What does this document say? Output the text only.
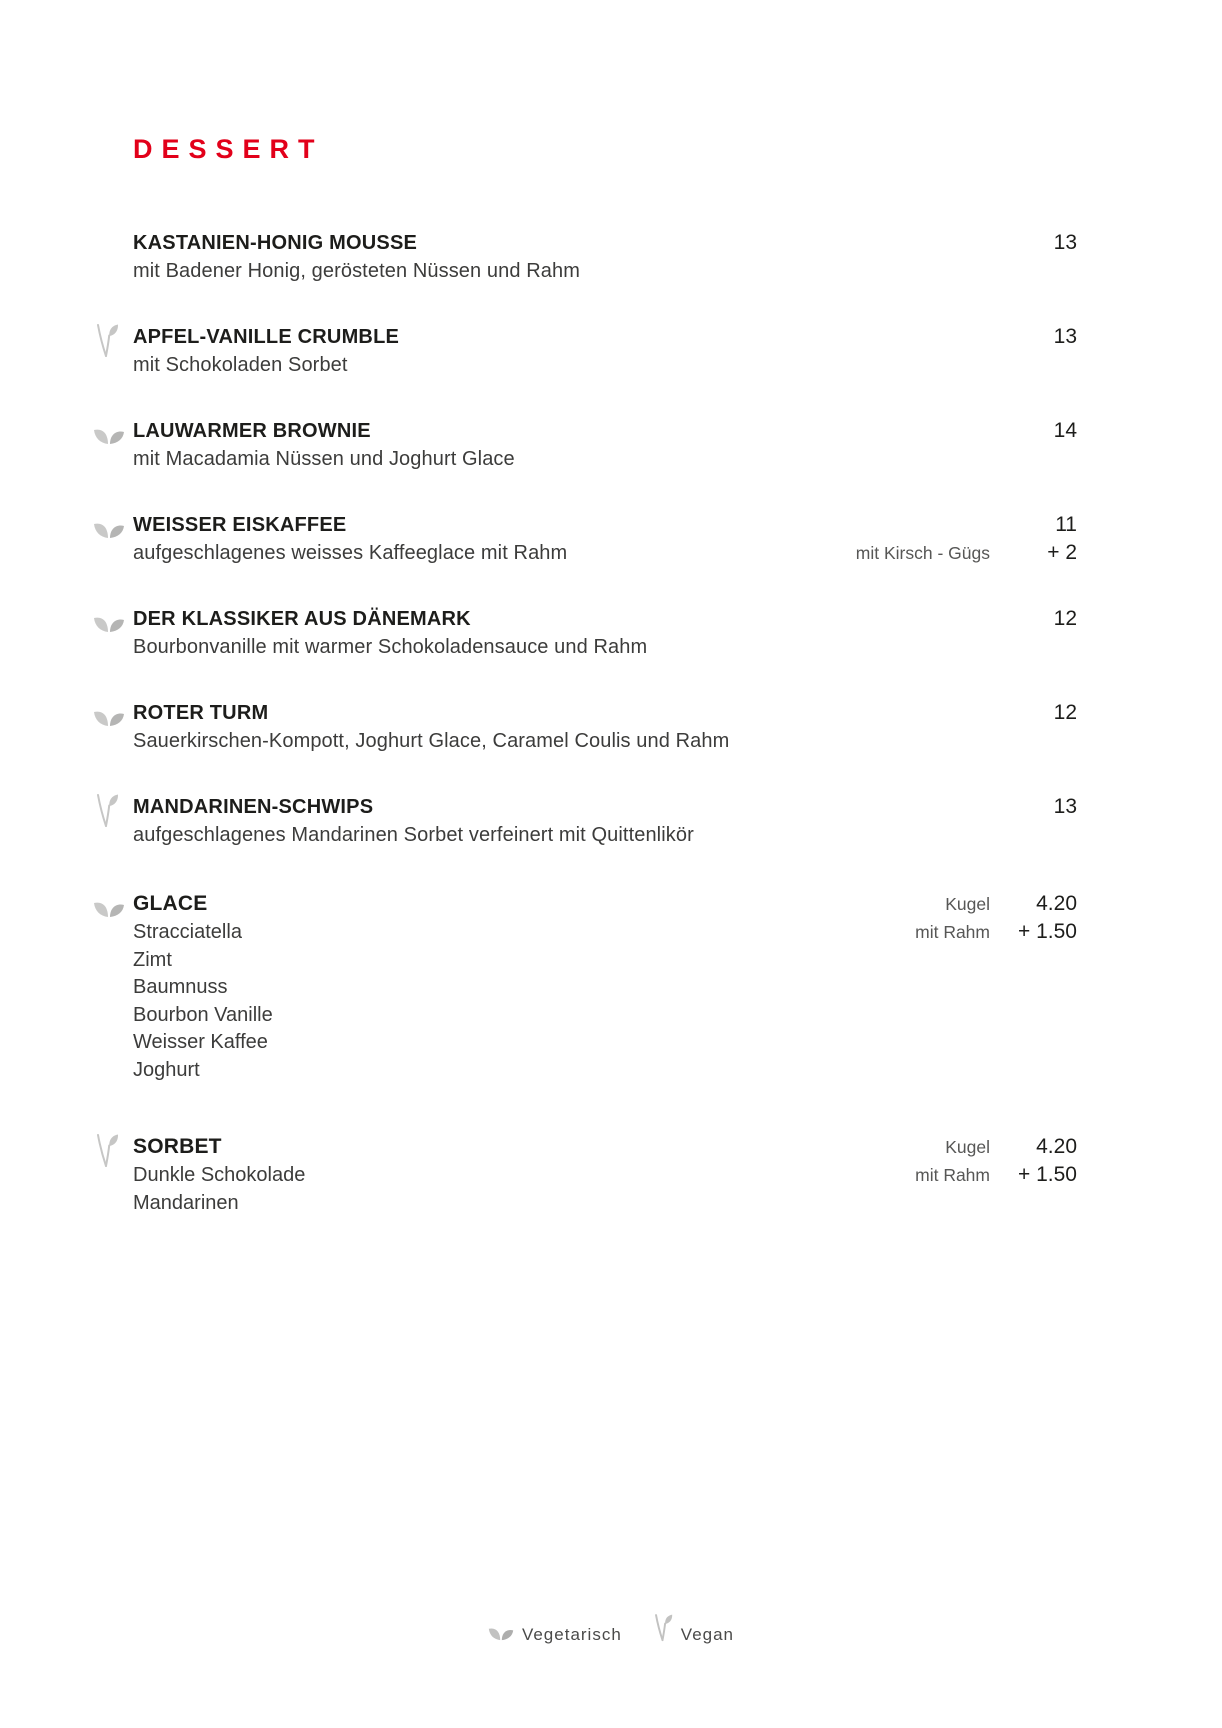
DESSERT
KASTANIEN-HONIG MOUSSE	13
mit Badener Honig, gerösteten Nüssen und Rahm
APFEL-VANILLE CRUMBLE	13
mit Schokoladen Sorbet
LAUWARMER BROWNIE	14
mit Macadamia Nüssen und Joghurt Glace
WEISSER EISKAFFEE	11
aufgeschlagenes weisses Kaffeeglace mit Rahm	mit Kirsch - Gügs	+ 2
DER KLASSIKER AUS DÄNEMARK	12
Bourbonvanille mit warmer Schokoladensauce und Rahm
ROTER TURM	12
Sauerkirschen-Kompott, Joghurt Glace, Caramel Coulis und Rahm
MANDARINEN-SCHWIPS	13
aufgeschlagenes Mandarinen Sorbet verfeinert mit Quittenlikör
GLACE	Kugel	4.20
Stracciatella	mit Rahm	+ 1.50
Zimt
Baumnuss
Bourbon Vanille
Weisser Kaffee
Joghurt
SORBET	Kugel	4.20
Dunkle Schokolade	mit Rahm	+ 1.50
Mandarinen
Vegetarisch	Vegan
